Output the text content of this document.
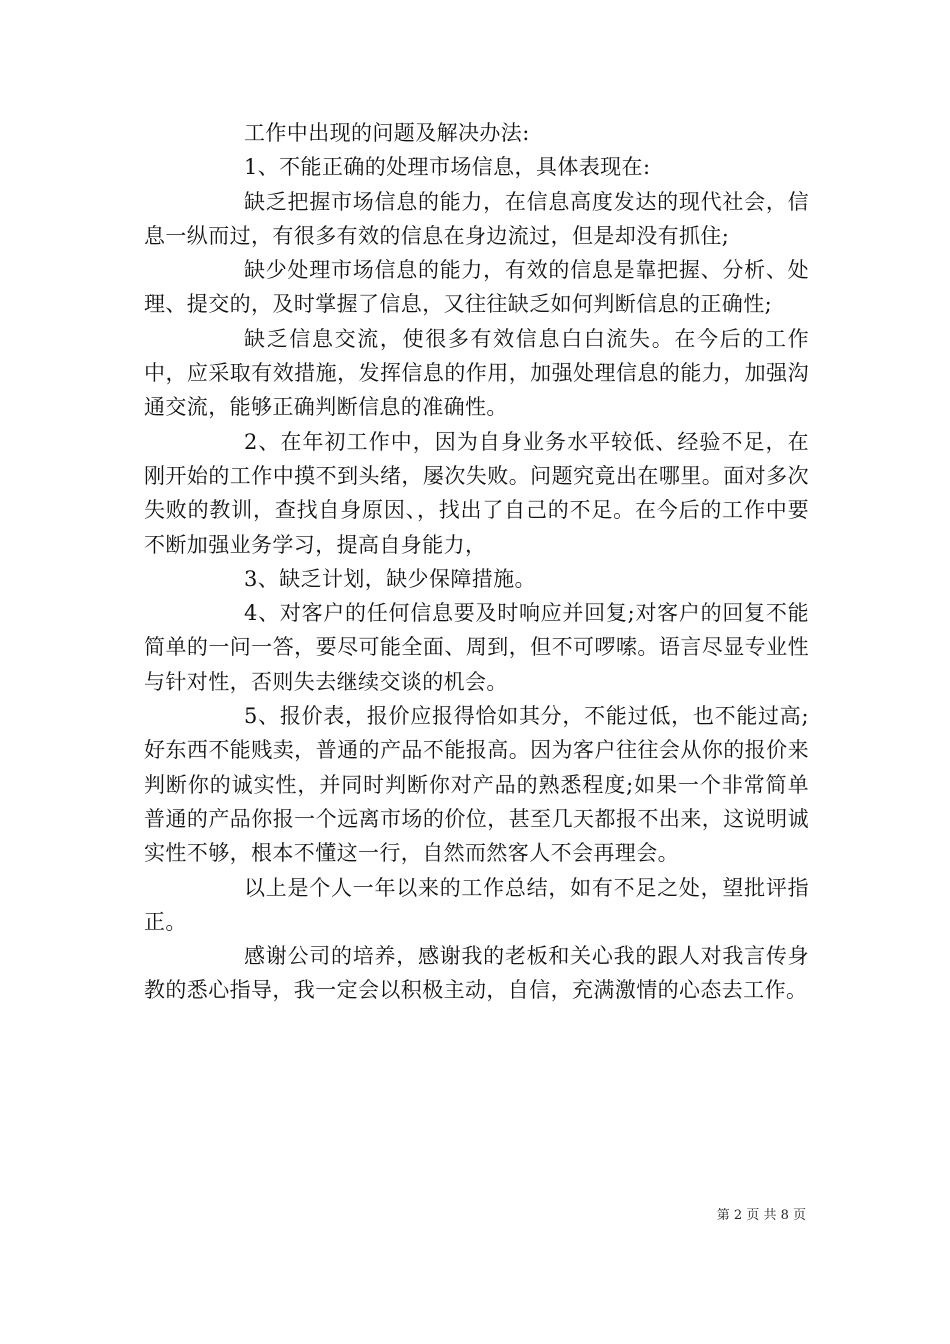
工作中出现的问题及解决办法:

1、不能正确的处理市场信息，具体表现在:

缺乏把握市场信息的能力，在信息高度发达的现代社会，信息一纵而过，有很多有效的信息在身边流过，但是却没有抓住;

缺少处理市场信息的能力，有效的信息是靠把握、分析、处理、提交的，及时掌握了信息，又往往缺乏如何判断信息的正确性;

缺乏信息交流，使很多有效信息白白流失。在今后的工作中，应采取有效措施，发挥信息的作用，加强处理信息的能力，加强沟通交流，能够正确判断信息的准确性。

2、在年初工作中，因为自身业务水平较低、经验不足，在刚开始的工作中摸不到头绪，屡次失败。问题究竟出在哪里。面对多次失败的教训，查找自身原因、，找出了自己的不足。在今后的工作中要不断加强业务学习，提高自身能力，

3、缺乏计划，缺少保障措施。

4、对客户的任何信息要及时响应并回复;对客户的回复不能简单的一问一答，要尽可能全面、周到，但不可啰嗦。语言尽显专业性与针对性，否则失去继续交谈的机会。

5、报价表，报价应报得恰如其分，不能过低，也不能过高;好东西不能贱卖，普通的产品不能报高。因为客户往往会从你的报价来判断你的诚实性，并同时判断你对产品的熟悉程度;如果一个非常简单普通的产品你报一个远离市场的价位，甚至几天都报不出来，这说明诚实性不够，根本不懂这一行，自然而然客人不会再理会。

以上是个人一年以来的工作总结，如有不足之处，望批评指正。

感谢公司的培养，感谢我的老板和关心我的跟人对我言传身教的悉心指导，我一定会以积极主动，自信，充满激情的心态去工作。

第 2 页 共 8 页
